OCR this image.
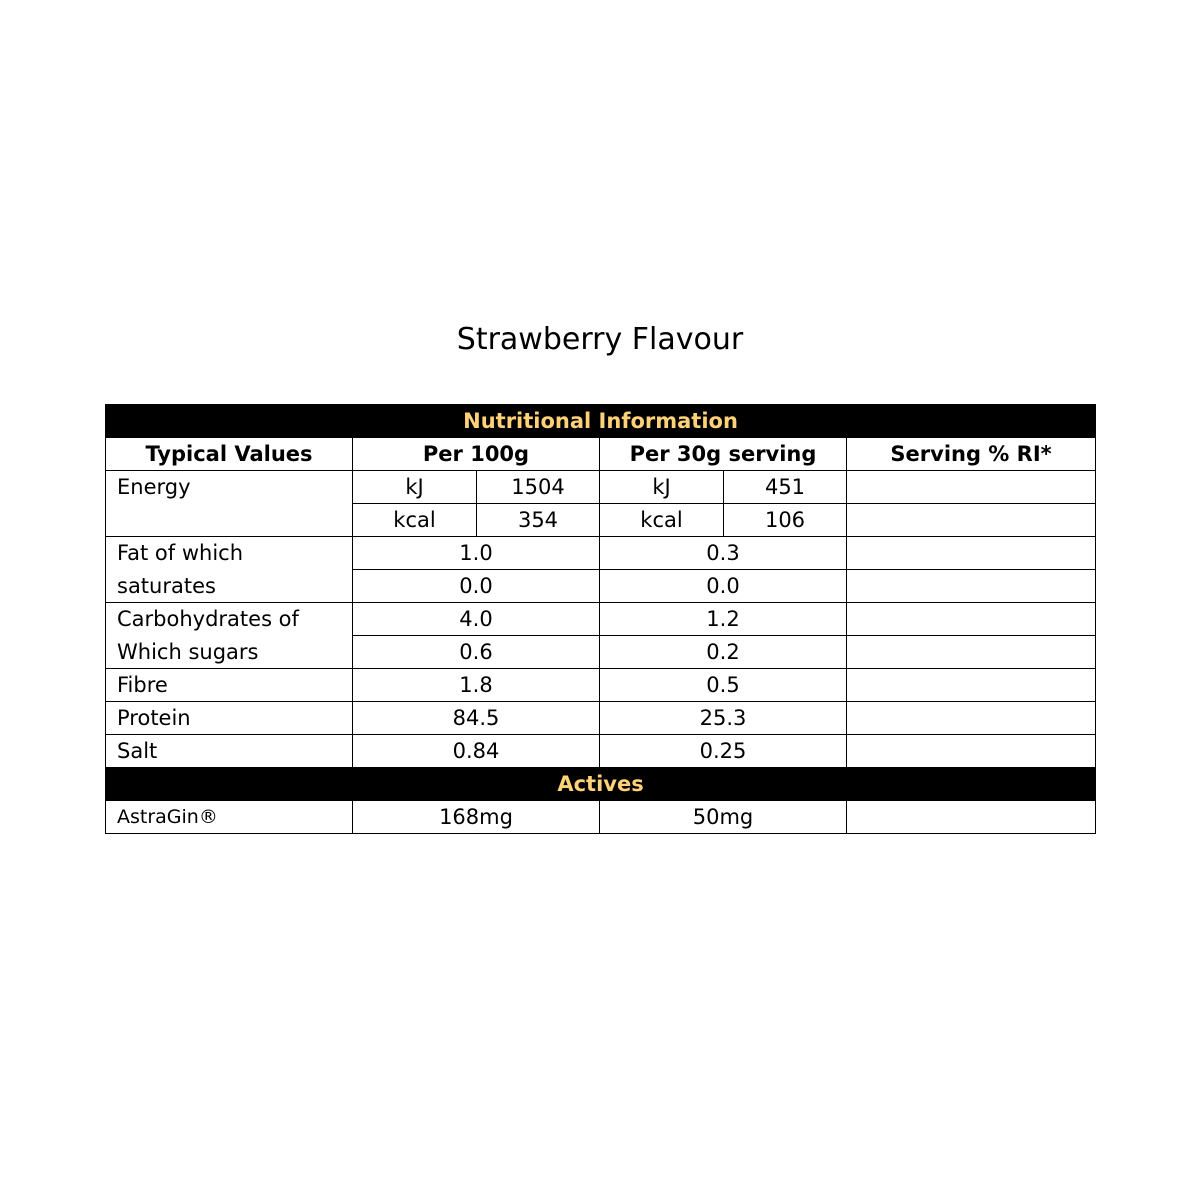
Strawberry Flavour
Nutritional Information					
Typical Values	Per 100g		Per 30g serving		Serving % RI*
Energy	kJ	1504	kJ	451	
	kcal	354	kcal	106	
Fat of which	1.0		0.3		
saturates	0.0		0.0		
Carbohydrates of	4.0		1.2		
Which sugars	0.6		0.2		
Fibre	1.8		0.5		
Protein	84.5		25.3		
Salt	0.84		0.25		
Actives					
AstraGin®	168mg		50mg		
